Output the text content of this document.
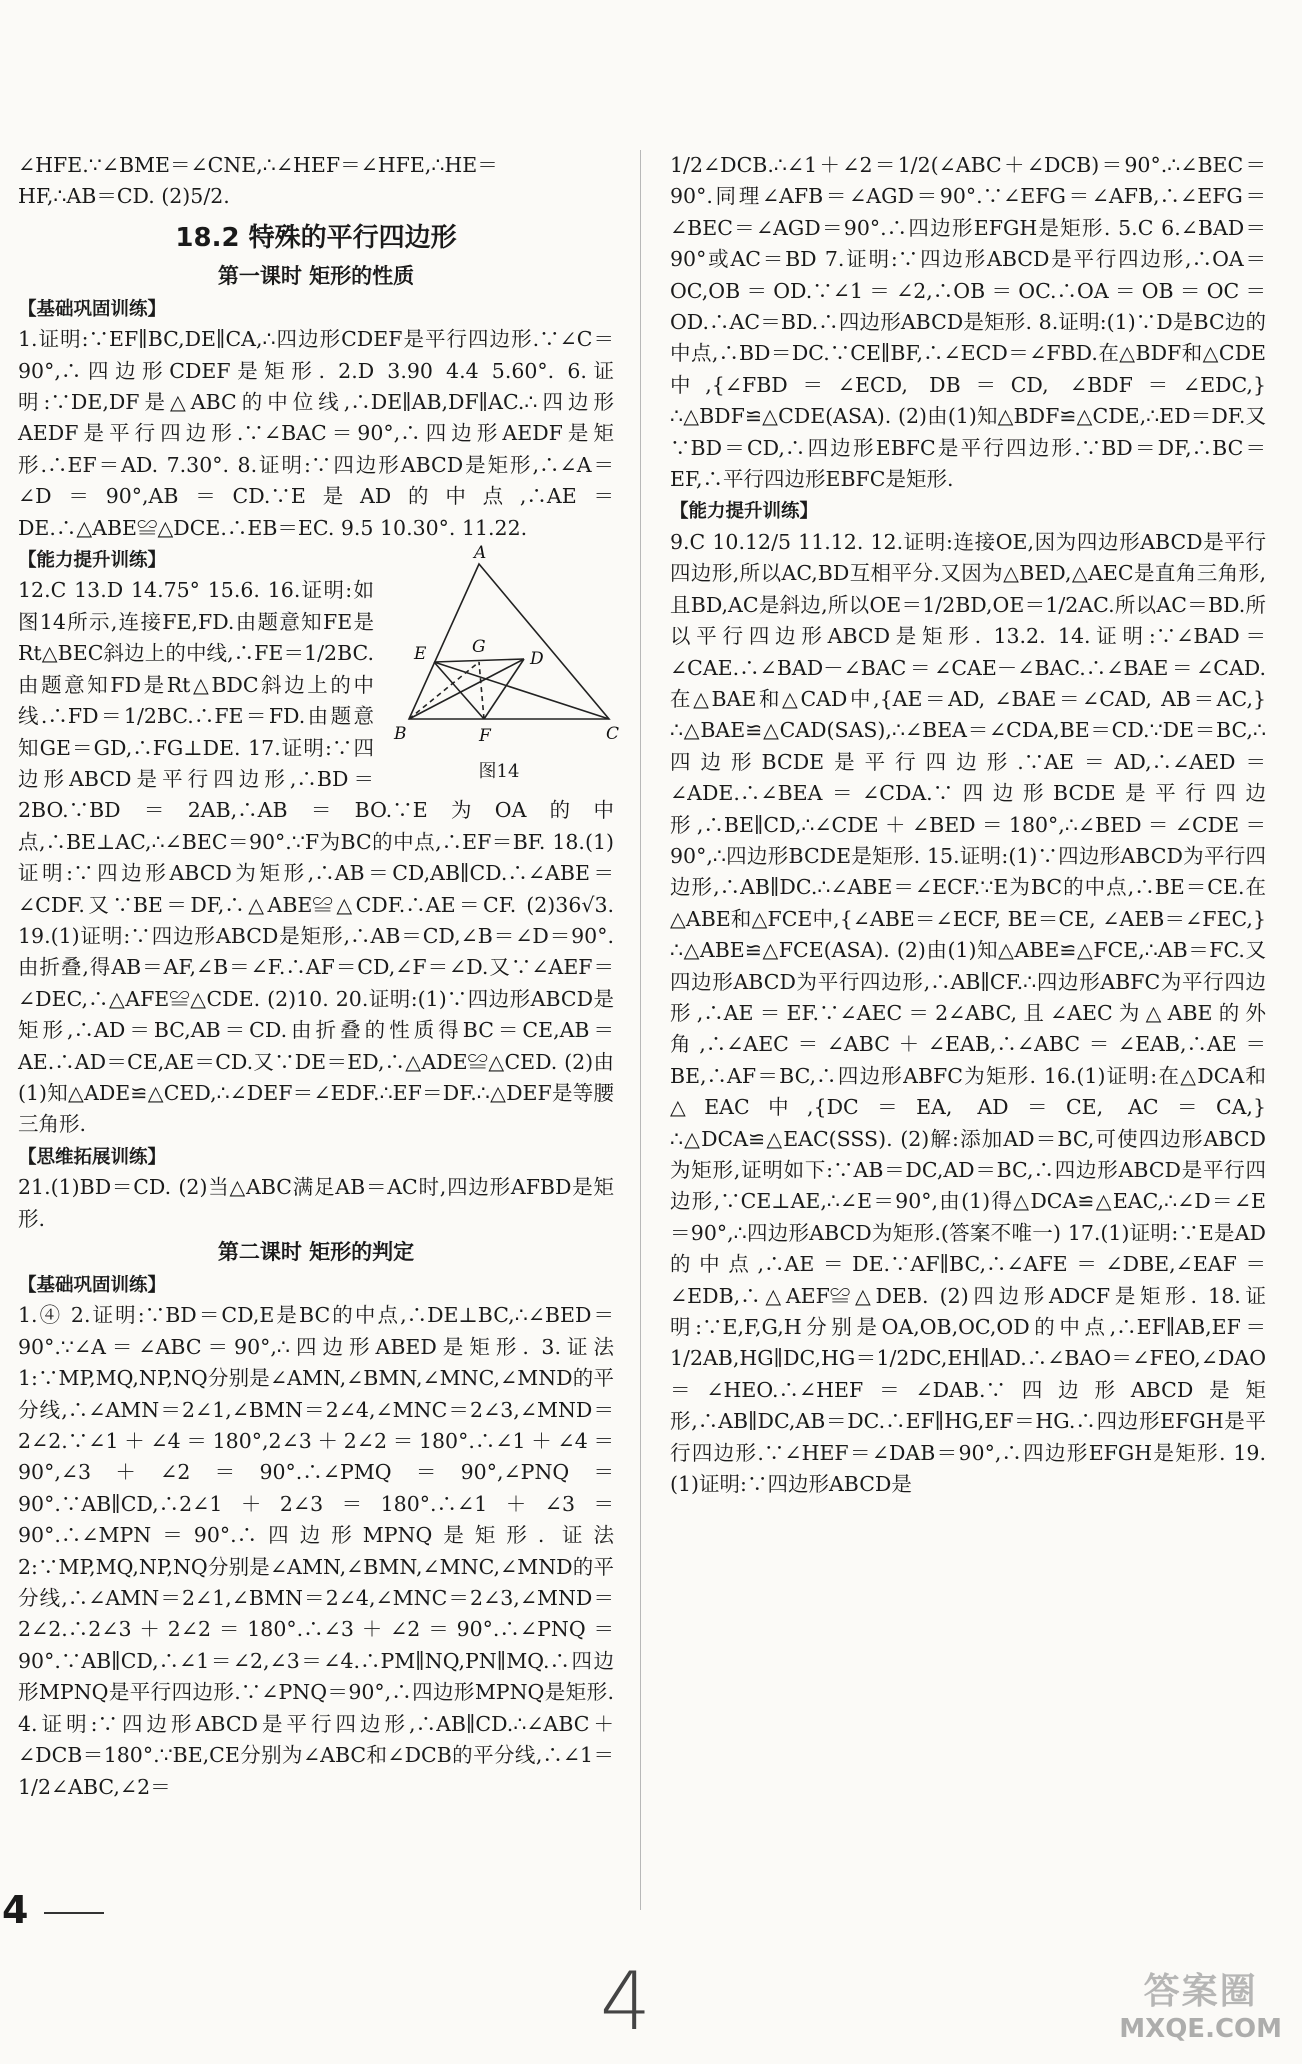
∠HFE.∵∠BME＝∠CNE,∴∠HEF＝∠HFE,∴HE＝

HF,∴AB＝CD. (2)5/2.

18.2 特殊的平行四边形
第一课时 矩形的性质
【基础巩固训练】

1.证明:∵EF∥BC,DE∥CA,∴四边形CDEF是平行四边形.∵∠C＝90°,∴四边形CDEF是矩形. 2.D 3.90 4.4 5.60°. 6.证明:∵DE,DF是△ABC的中位线,∴DE∥AB,DF∥AC.∴四边形AEDF是平行四边形.∵∠BAC＝90°,∴四边形AEDF是矩形.∴EF＝AD. 7.30°. 8.证明:∵四边形ABCD是矩形,∴∠A＝∠D＝90°,AB＝CD.∵E是AD的中点,∴AE＝DE.∴△ABE≌△DCE.∴EB＝EC. 9.5 10.30°. 11.22.

【能力提升训练】	A
E	G
D
B	F	C
图14

12.C 13.D 14.75° 15.6. 16.证明:如图14所示,连接FE,FD.由题意知FE是Rt△BEC斜边上的中线,∴FE＝1/2BC.由题意知FD是Rt△BDC斜边上的中线.∴FD＝1/2BC.∴FE＝FD.由题意知GE＝GD,∴FG⊥DE. 17.证明:∵四边形ABCD是平行四边形,∴BD＝2BO.∵BD＝2AB,∴AB＝BO.∵E为OA的中点,∴BE⊥AC,∴∠BEC＝90°.∵F为BC的中点,∴EF＝BF. 18.(1)证明:∵四边形ABCD为矩形,∴AB＝CD,AB∥CD.∴∠ABE＝∠CDF.又∵BE＝DF,∴△ABE≌△CDF.∴AE＝CF. (2)36√3. 19.(1)证明:∵四边形ABCD是矩形,∴AB＝CD,∠B＝∠D＝90°.由折叠,得AB＝AF,∠B＝∠F.∴AF＝CD,∠F＝∠D.又∵∠AEF＝∠DEC,∴△AFE≌△CDE. (2)10. 20.证明:(1)∵四边形ABCD是矩形,∴AD＝BC,AB＝CD.由折叠的性质得BC＝CE,AB＝AE.∴AD＝CE,AE＝CD.又∵DE＝ED,∴△ADE≌△CED. (2)由(1)知△ADE≌△CED,∴∠DEF＝∠EDF.∴EF＝DF.∴△DEF是等腰三角形.

【思维拓展训练】

21.(1)BD＝CD. (2)当△ABC满足AB＝AC时,四边形AFBD是矩形.

第二课时 矩形的判定
【基础巩固训练】

1.④ 2.证明:∵BD＝CD,E是BC的中点,∴DE⊥BC,∴∠BED＝90°.∵∠A＝∠ABC＝90°,∴四边形ABED是矩形. 3.证法1:∵MP,MQ,NP,NQ分别是∠AMN,∠BMN,∠MNC,∠MND的平分线,∴∠AMN＝2∠1,∠BMN＝2∠4,∠MNC＝2∠3,∠MND＝2∠2.∵∠1＋∠4＝180°,2∠3＋2∠2＝180°.∴∠1＋∠4＝90°,∠3＋∠2＝90°.∴∠PMQ＝90°,∠PNQ＝90°.∵AB∥CD,∴2∠1＋2∠3＝180°.∴∠1＋∠3＝90°.∴∠MPN＝90°.∴四边形MPNQ是矩形. 证法2:∵MP,MQ,NP,NQ分别是∠AMN,∠BMN,∠MNC,∠MND的平分线,∴∠AMN＝2∠1,∠BMN＝2∠4,∠MNC＝2∠3,∠MND＝2∠2.∴2∠3＋2∠2＝180°.∴∠3＋∠2＝90°.∴∠PNQ＝90°.∵AB∥CD,∴∠1＝∠2,∠3＝∠4.∴PM∥NQ,PN∥MQ.∴四边形MPNQ是平行四边形.∵∠PNQ＝90°,∴四边形MPNQ是矩形. 4.证明:∵四边形ABCD是平行四边形,∴AB∥CD.∴∠ABC＋∠DCB＝180°.∵BE,CE分别为∠ABC和∠DCB的平分线,∴∠1＝1/2∠ABC,∠2＝

1/2∠DCB.∴∠1＋∠2＝1/2(∠ABC＋∠DCB)＝90°.∴∠BEC＝90°.同理∠AFB＝∠AGD＝90°.∵∠EFG＝∠AFB,∴∠EFG＝∠BEC＝∠AGD＝90°.∴四边形EFGH是矩形. 5.C 6.∠BAD＝90°或AC＝BD 7.证明:∵四边形ABCD是平行四边形,∴OA＝OC,OB＝OD.∵∠1＝∠2,∴OB＝OC.∴OA＝OB＝OC＝OD.∴AC＝BD.∴四边形ABCD是矩形. 8.证明:(1)∵D是BC边的中点,∴BD＝DC.∵CE∥BF,∴∠ECD＝∠FBD.在△BDF和△CDE中,{∠FBD＝∠ECD, DB＝CD, ∠BDF＝∠EDC,}∴△BDF≌△CDE(ASA). (2)由(1)知△BDF≌△CDE,∴ED＝DF.又∵BD＝CD,∴四边形EBFC是平行四边形.∵BD＝DF,∴BC＝EF,∴平行四边形EBFC是矩形.

【能力提升训练】

9.C 10.12/5 11.12. 12.证明:连接OE,因为四边形ABCD是平行四边形,所以AC,BD互相平分.又因为△BED,△AEC是直角三角形,且BD,AC是斜边,所以OE＝1/2BD,OE＝1/2AC.所以AC＝BD.所以平行四边形ABCD是矩形. 13.2. 14.证明:∵∠BAD＝∠CAE.∴∠BAD－∠BAC＝∠CAE－∠BAC.∴∠BAE＝∠CAD.在△BAE和△CAD中,{AE＝AD, ∠BAE＝∠CAD, AB＝AC,}∴△BAE≌△CAD(SAS),∴∠BEA＝∠CDA,BE＝CD.∵DE＝BC,∴四边形BCDE是平行四边形.∵AE＝AD,∴∠AED＝∠ADE.∴∠BEA＝∠CDA.∵四边形BCDE是平行四边形,∴BE∥CD,∴∠CDE＋∠BED＝180°,∴∠BED＝∠CDE＝90°,∴四边形BCDE是矩形. 15.证明:(1)∵四边形ABCD为平行四边形,∴AB∥DC.∴∠ABE＝∠ECF.∵E为BC的中点,∴BE＝CE.在△ABE和△FCE中,{∠ABE＝∠ECF, BE＝CE, ∠AEB＝∠FEC,}∴△ABE≌△FCE(ASA). (2)由(1)知△ABE≌△FCE,∴AB＝FC.又四边形ABCD为平行四边形,∴AB∥CF.∴四边形ABFC为平行四边形,∴AE＝EF.∵∠AEC＝2∠ABC,且∠AEC为△ABE的外角,∴∠AEC＝∠ABC＋∠EAB,∴∠ABC＝∠EAB,∴AE＝BE,∴AF＝BC,∴四边形ABFC为矩形. 16.(1)证明:在△DCA和△EAC中,{DC＝EA, AD＝CE, AC＝CA,}∴△DCA≌△EAC(SSS). (2)解:添加AD＝BC,可使四边形ABCD为矩形,证明如下:∵AB＝DC,AD＝BC,∴四边形ABCD是平行四边形,∵CE⊥AE,∴∠E＝90°,由(1)得△DCA≌△EAC,∴∠D＝∠E＝90°,∴四边形ABCD为矩形.(答案不唯一) 17.(1)证明:∵E是AD的中点,∴AE＝DE.∵AF∥BC,∴∠AFE＝∠DBE,∠EAF＝∠EDB,∴△AEF≌△DEB. (2)四边形ADCF是矩形. 18.证明:∵E,F,G,H分别是OA,OB,OC,OD的中点,∴EF∥AB,EF＝1/2AB,HG∥DC,HG＝1/2DC,EH∥AD.∴∠BAO＝∠FEO,∠DAO＝∠HEO.∴∠HEF＝∠DAB.∵四边形ABCD是矩形,∴AB∥DC,AB＝DC.∴EF∥HG,EF＝HG.∴四边形EFGH是平行四边形.∵∠HEF＝∠DAB＝90°,∴四边形EFGH是矩形. 19.(1)证明:∵四边形ABCD是

4
4	答案圈
MXQE.COM
